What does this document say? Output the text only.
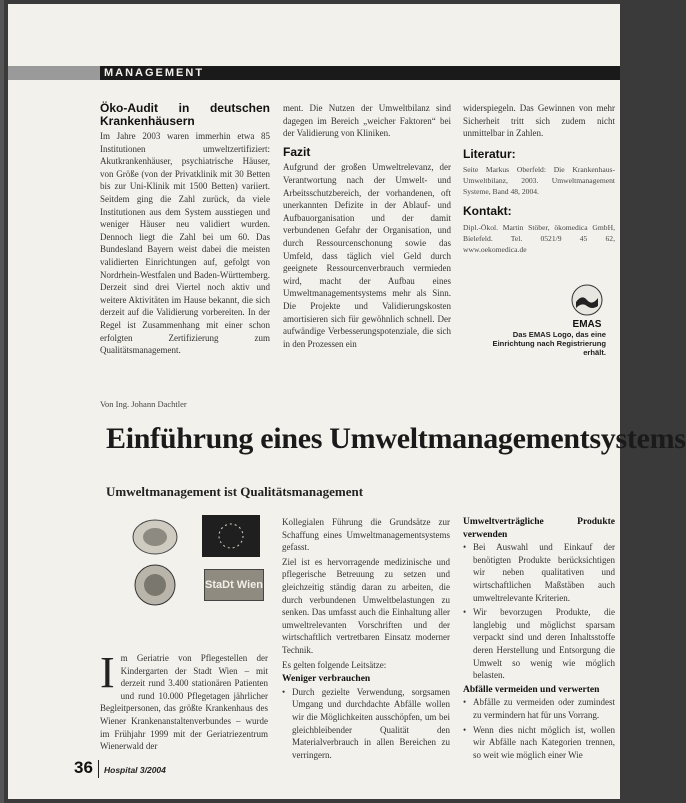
MANAGEMENT
Öko-Audit in deutschen Krankenhäusern

Im Jahre 2003 waren immerhin etwa 85 Institutionen umweltzertifiziert: Akutkrankenhäuser, psychiatrische Häuser, von Größe (von der Privatklinik mit 30 Betten bis zur Uni-Klinik mit 1500 Betten) variiert. Seitdem ging die Zahl zurück, da viele Institutionen aus dem System ausstiegen und weniger Häuser neu validiert wurden. Dennoch liegt die Zahl bei um 60. Das Bundesland Bayern weist dabei die meisten validierten Einrichtungen auf, gefolgt von Nordrhein-Westfalen und Baden-Württemberg. Derzeit sind drei Viertel noch aktiv und weitere Aktivitäten im Hause bekannt, die sich derzeit auf die Validierung vorbereiten. In der Regel ist Zusammenhang mit einer schon erfolgten Zertifizierung zum Qualitätsmanagement.

ment. Die Nutzen der Umweltbilanz sind dagegen im Bereich „weicher Faktoren“ bei der Validierung von Kliniken.

Fazit

Aufgrund der großen Umweltrelevanz, der Verantwortung nach der Umwelt- und Arbeitsschutzbereich, der vorhandenen, oft unerkannten Defizite in der Ablauf- und Aufbauorganisation und der damit verbundenen Gefahr der Organisation, und durch Ressourcenschonung sowie das Umfeld, dass täglich viel Geld durch geeignete Ressourcenverbrauch vermieden wird, macht der Aufbau eines Umweltmanagementsystems mehr als Sinn. Die Projekte und Validierungskosten amortisieren sich für gewöhnlich schnell. Der aufwändige Verbesserungspotenziale, die sich in den Prozessen ein

widerspiegeln. Das Gewinnen von mehr Sicherheit tritt sich zudem nicht unmittelbar in Zahlen.

Literatur:

Seite Markus Oberfeld: Die Krankenhaus-Umweltbilanz, 2003. Umweltmanagement Systeme, Band 48, 2004.

Kontakt:

Dipl.-Ökol. Martin Stöber, ökomedica GmbH, Bielefeld. Tel. 0521/9 45 62, www.oekomedica.de

EMAS
Das EMAS Logo, das eine Einrichtung nach Registrierung erhält.
Von Ing. Johann Dachtler
Einführung eines Umweltmanagementsystems
Umweltmanagement ist Qualitätsmanagement
StaDt Wien
I m Geriatrie von Pflegestellen der Kindergarten der Stadt Wien – mit derzeit rund 3.400 stationären Patienten und rund 10.000 Pflegetagen jährlicher Begleitpersonen, das größte Krankenhaus des Wiener Krankenanstaltenverbundes – wurde im Frühjahr 1999 mit der Geriatriezentrum Wienerwald der

Kollegialen Führung die Grundsätze zur Schaffung eines Umweltmanagementsystems gefasst.

Ziel ist es hervorragende medizinische und pflegerische Betreuung zu setzen und gleichzeitig ständig daran zu arbeiten, die durch verbundenen Umweltbelastungen zu senken. Das umfasst auch die Einhaltung aller umweltrelevanten Vorschriften und der wirtschaftlich vertretbaren Einsatz moderner Technik.

Es gelten folgende Leitsätze:

Weniger verbrauchen

• Durch gezielte Verwendung, sorgsamen Umgang und durchdachte Abfälle wollen wir die Möglichkeiten ausschöpfen, um bei gleichbleibender Qualität den Materialverbrauch in allen Bereichen zu verringern.

Umweltverträgliche Produkte verwenden

• Bei Auswahl und Einkauf der benötigten Produkte berücksichtigen wir neben qualitativen und wirtschaftlichen Maßstäben auch umweltrelevante Kriterien.

• Wir bevorzugen Produkte, die langlebig und möglichst sparsam verpackt sind und deren Inhaltsstoffe deren Herstellung und Entsorgung die Umwelt so wenig wie möglich belasten.

Abfälle vermeiden und verwerten

• Abfälle zu vermeiden oder zumindest zu vermindern hat für uns Vorrang.

• Wenn dies nicht möglich ist, wollen wir Abfälle nach Kategorien trennen, so weit wie möglich einer Wie

36 Hospital 3/2004
